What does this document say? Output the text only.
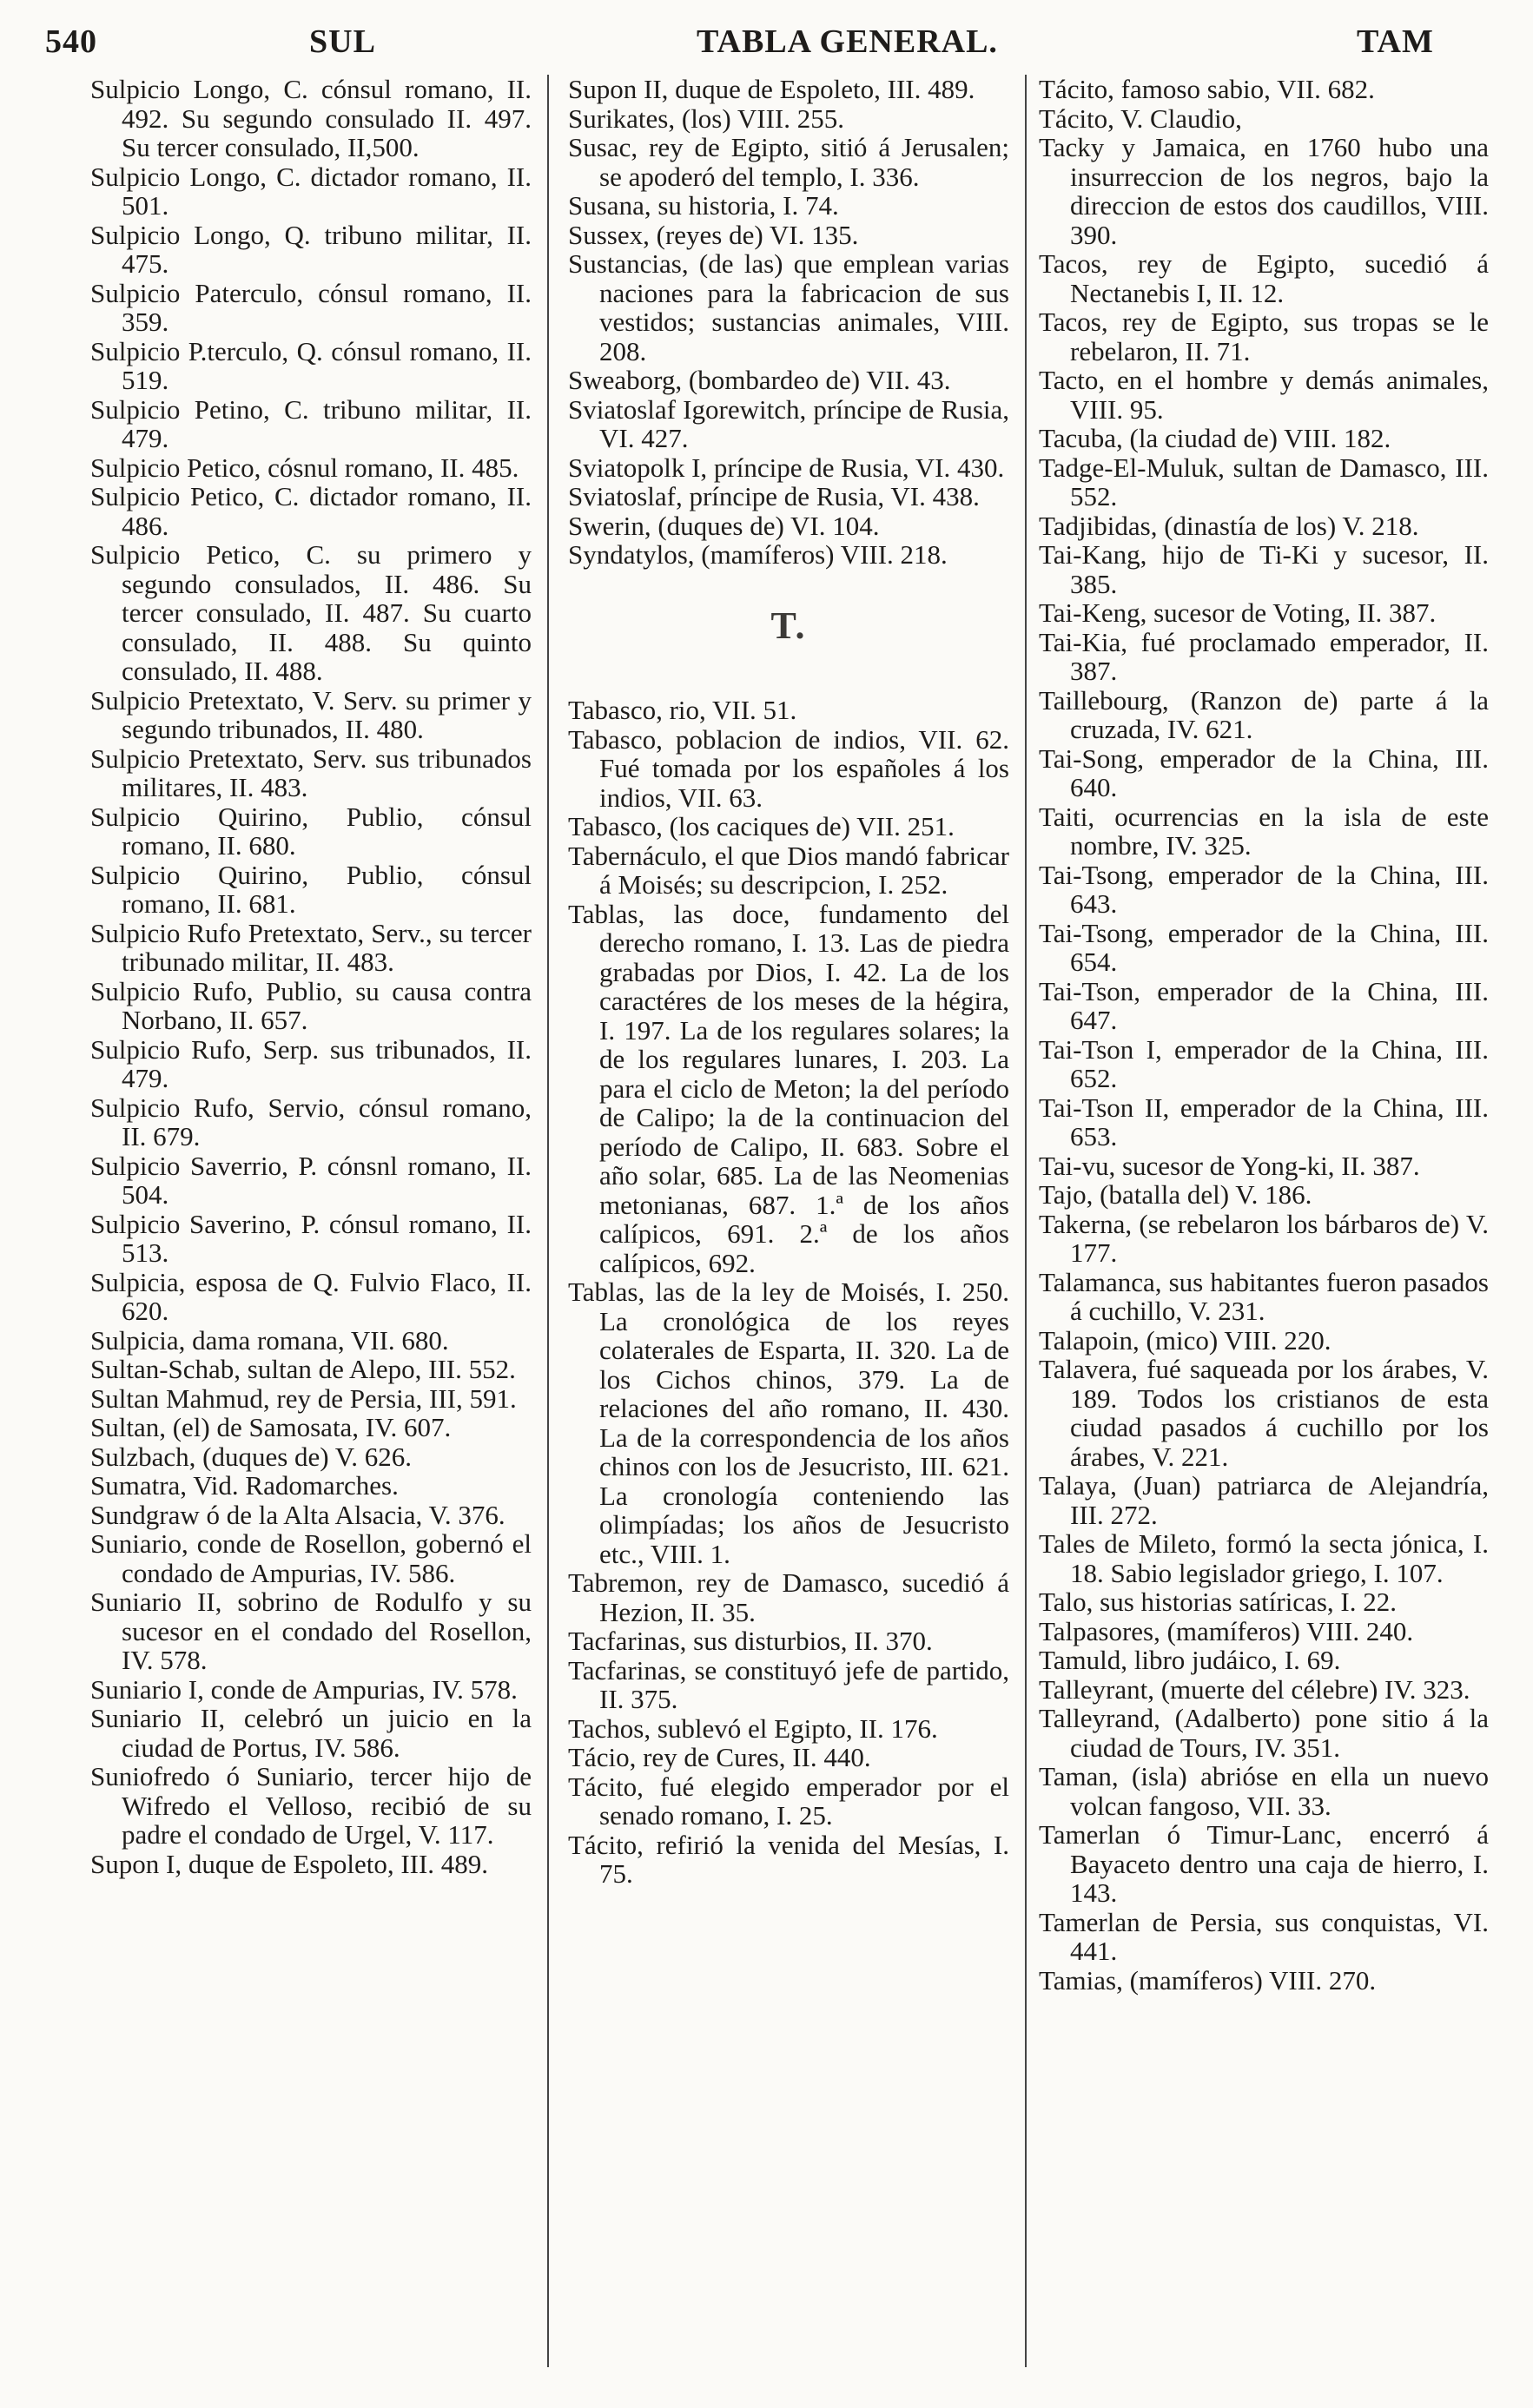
540	SUL	TABLA GENERAL.	TAM

Sulpicio Longo, C. cónsul romano, II. 492. Su segundo consulado II. 497. Su tercer consulado, II,500.

Sulpicio Longo, C. dictador romano, II. 501.

Sulpicio Longo, Q. tribuno militar, II. 475.

Sulpicio Paterculo, cónsul romano, II. 359.

Sulpicio P.terculo, Q. cónsul romano, II. 519.

Sulpicio Petino, C. tribuno militar, II. 479.

Sulpicio Petico, cósnul romano, II. 485.

Sulpicio Petico, C. dictador romano, II. 486.

Sulpicio Petico, C. su primero y segundo consulados, II. 486. Su tercer consulado, II. 487. Su cuarto consulado, II. 488. Su quinto consulado, II. 488.

Sulpicio Pretextato, V. Serv. su primer y segundo tribunados, II. 480.

Sulpicio Pretextato, Serv. sus tribunados militares, II. 483.

Sulpicio Quirino, Publio, cónsul romano, II. 680.

Sulpicio Quirino, Publio, cónsul romano, II. 681.

Sulpicio Rufo Pretextato, Serv., su tercer tribunado militar, II. 483.

Sulpicio Rufo, Publio, su causa contra Norbano, II. 657.

Sulpicio Rufo, Serp. sus tribunados, II. 479.

Sulpicio Rufo, Servio, cónsul romano, II. 679.

Sulpicio Saverrio, P. cónsnl romano, II. 504.

Sulpicio Saverino, P. cónsul romano, II. 513.

Sulpicia, esposa de Q. Fulvio Flaco, II. 620.

Sulpicia, dama romana, VII. 680.

Sultan-Schab, sultan de Alepo, III. 552.

Sultan Mahmud, rey de Persia, III, 591.

Sultan, (el) de Samosata, IV. 607.

Sulzbach, (duques de) V. 626.

Sumatra, Vid. Radomarches.

Sundgraw ó de la Alta Alsacia, V. 376.

Suniario, conde de Rosellon, gobernó el condado de Ampurias, IV. 586.

Suniario II, sobrino de Rodulfo y su sucesor en el condado del Rosellon, IV. 578.

Suniario I, conde de Ampurias, IV. 578.

Suniario II, celebró un juicio en la ciudad de Portus, IV. 586.

Suniofredo ó Suniario, tercer hijo de Wifredo el Velloso, recibió de su padre el condado de Urgel, V. 117.

Supon I, duque de Espoleto, III. 489.

Supon II, duque de Espoleto, III. 489.

Surikates, (los) VIII. 255.

Susac, rey de Egipto, sitió á Jerusalen; se apoderó del templo, I. 336.

Susana, su historia, I. 74.

Sussex, (reyes de) VI. 135.

Sustancias, (de las) que emplean varias naciones para la fabricacion de sus vestidos; sustancias animales, VIII. 208.

Sweaborg, (bombardeo de) VII. 43.

Sviatoslaf Igorewitch, príncipe de Rusia, VI. 427.

Sviatopolk I, príncipe de Rusia, VI. 430.

Sviatoslaf, príncipe de Rusia, VI. 438.

Swerin, (duques de) VI. 104.

Syndatylos, (mamíferos) VIII. 218.

T.

Tabasco, rio, VII. 51.

Tabasco, poblacion de indios, VII. 62. Fué tomada por los españoles á los indios, VII. 63.

Tabasco, (los caciques de) VII. 251.

Tabernáculo, el que Dios mandó fabricar á Moisés; su descripcion, I. 252.

Tablas, las doce, fundamento del derecho romano, I. 13. Las de piedra grabadas por Dios, I. 42. La de los caractéres de los meses de la hégira, I. 197. La de los regulares solares; la de los regulares lunares, I. 203. La para el ciclo de Meton; la del período de Calipo; la de la continuacion del período de Calipo, II. 683. Sobre el año solar, 685. La de las Neomenias metonianas, 687. 1.ª de los años calípicos, 691. 2.ª de los años calípicos, 692.

Tablas, las de la ley de Moisés, I. 250. La cronológica de los reyes colaterales de Esparta, II. 320. La de los Cichos chinos, 379. La de relaciones del año romano, II. 430. La de la correspondencia de los años chinos con los de Jesucristo, III. 621. La cronología conteniendo las olimpíadas; los años de Jesucristo etc., VIII. 1.

Tabremon, rey de Damasco, sucedió á Hezion, II. 35.

Tacfarinas, sus disturbios, II. 370.

Tacfarinas, se constituyó jefe de partido, II. 375.

Tachos, sublevó el Egipto, II. 176.

Tácio, rey de Cures, II. 440.

Tácito, fué elegido emperador por el senado romano, I. 25.

Tácito, refirió la venida del Mesías, I. 75.

Tácito, famoso sabio, VII. 682.

Tácito, V. Claudio,

Tacky y Jamaica, en 1760 hubo una insurreccion de los negros, bajo la direccion de estos dos caudillos, VIII. 390.

Tacos, rey de Egipto, sucedió á Nectanebis I, II. 12.

Tacos, rey de Egipto, sus tropas se le rebelaron, II. 71.

Tacto, en el hombre y demás animales, VIII. 95.

Tacuba, (la ciudad de) VIII. 182.

Tadge-El-Muluk, sultan de Damasco, III. 552.

Tadjibidas, (dinastía de los) V. 218.

Tai-Kang, hijo de Ti-Ki y sucesor, II. 385.

Tai-Keng, sucesor de Voting, II. 387.

Tai-Kia, fué proclamado emperador, II. 387.

Taillebourg, (Ranzon de) parte á la cruzada, IV. 621.

Tai-Song, emperador de la China, III. 640.

Taiti, ocurrencias en la isla de este nombre, IV. 325.

Tai-Tsong, emperador de la China, III. 643.

Tai-Tsong, emperador de la China, III. 654.

Tai-Tson, emperador de la China, III. 647.

Tai-Tson I, emperador de la China, III. 652.

Tai-Tson II, emperador de la China, III. 653.

Tai-vu, sucesor de Yong-ki, II. 387.

Tajo, (batalla del) V. 186.

Takerna, (se rebelaron los bárbaros de) V. 177.

Talamanca, sus habitantes fueron pasados á cuchillo, V. 231.

Talapoin, (mico) VIII. 220.

Talavera, fué saqueada por los árabes, V. 189. Todos los cristianos de esta ciudad pasados á cuchillo por los árabes, V. 221.

Talaya, (Juan) patriarca de Alejandría, III. 272.

Tales de Mileto, formó la secta jónica, I. 18. Sabio legislador griego, I. 107.

Talo, sus historias satíricas, I. 22.

Talpasores, (mamíferos) VIII. 240.

Tamuld, libro judáico, I. 69.

Talleyrant, (muerte del célebre) IV. 323.

Talleyrand, (Adalberto) pone sitio á la ciudad de Tours, IV. 351.

Taman, (isla) abrióse en ella un nuevo volcan fangoso, VII. 33.

Tamerlan ó Timur-Lanc, encerró á Bayaceto dentro una caja de hierro, I. 143.

Tamerlan de Persia, sus conquistas, VI. 441.

Tamias, (mamíferos) VIII. 270.
